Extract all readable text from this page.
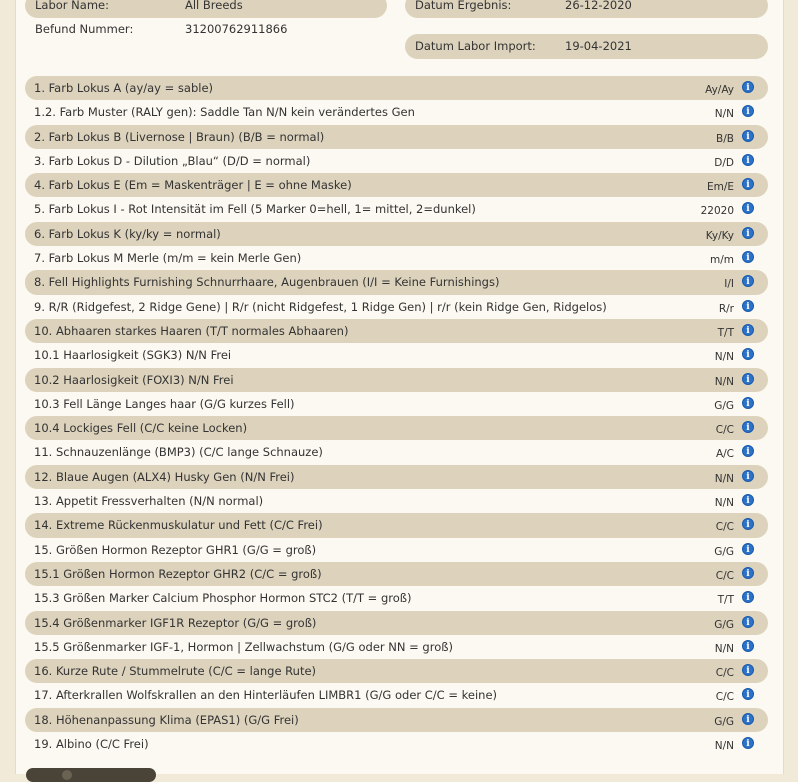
Labor Name:	All Breeds	Datum Ergebnis:	26-12-2020
Befund Nummer:	31200762911866
Datum Labor Import:	19-04-2021
1. Farb Lokus A (ay/ay = sable)	Ay/Ay	i
1.2. Farb Muster (RALY gen): Saddle Tan N/N kein verändertes Gen	N/N	i
2. Farb Lokus B (Livernose | Braun) (B/B = normal)	B/B	i
3. Farb Lokus D - Dilution „Blau“ (D/D = normal)	D/D	i
4. Farb Lokus E (Em = Maskenträger | E = ohne Maske)	Em/E	i
5. Farb Lokus I - Rot Intensität im Fell (5 Marker 0=hell, 1= mittel, 2=dunkel)	22020	i
6. Farb Lokus K (ky/ky = normal)	Ky/Ky	i
7. Farb Lokus M Merle (m/m = kein Merle Gen)	m/m	i
8. Fell Highlights Furnishing Schnurrhaare, Augenbrauen (I/I = Keine Furnishings)	I/I	i
9. R/R (Ridgefest, 2 Ridge Gene) | R/r (nicht Ridgefest, 1 Ridge Gen) | r/r (kein Ridge Gen, Ridgelos)	R/r	i
10. Abhaaren starkes Haaren (T/T normales Abhaaren)	T/T	i
10.1 Haarlosigkeit (SGK3) N/N Frei	N/N	i
10.2 Haarlosigkeit (FOXI3) N/N Frei	N/N	i
10.3 Fell Länge Langes haar (G/G kurzes Fell)	G/G	i
10.4 Lockiges Fell (C/C keine Locken)	C/C	i
11. Schnauzenlänge (BMP3) (C/C lange Schnauze)	A/C	i
12. Blaue Augen (ALX4) Husky Gen (N/N Frei)	N/N	i
13. Appetit Fressverhalten (N/N normal)	N/N	i
14. Extreme Rückenmuskulatur und Fett (C/C Frei)	C/C	i
15. Größen Hormon Rezeptor GHR1 (G/G = groß)	G/G	i
15.1 Größen Hormon Rezeptor GHR2 (C/C = groß)	C/C	i
15.3 Größen Marker Calcium Phosphor Hormon STC2 (T/T = groß)	T/T	i
15.4 Größenmarker IGF1R Rezeptor (G/G = groß)	G/G	i
15.5 Größenmarker IGF-1, Hormon | Zellwachstum (G/G oder NN = groß)	N/N	i
16. Kurze Rute / Stummelrute (C/C = lange Rute)	C/C	i
17. Afterkrallen Wolfskrallen an den Hinterläufen LIMBR1 (G/G oder C/C = keine)	C/C	i
18. Höhenanpassung Klima (EPAS1) (G/G Frei)	G/G	i
19. Albino (C/C Frei)	N/N	i
